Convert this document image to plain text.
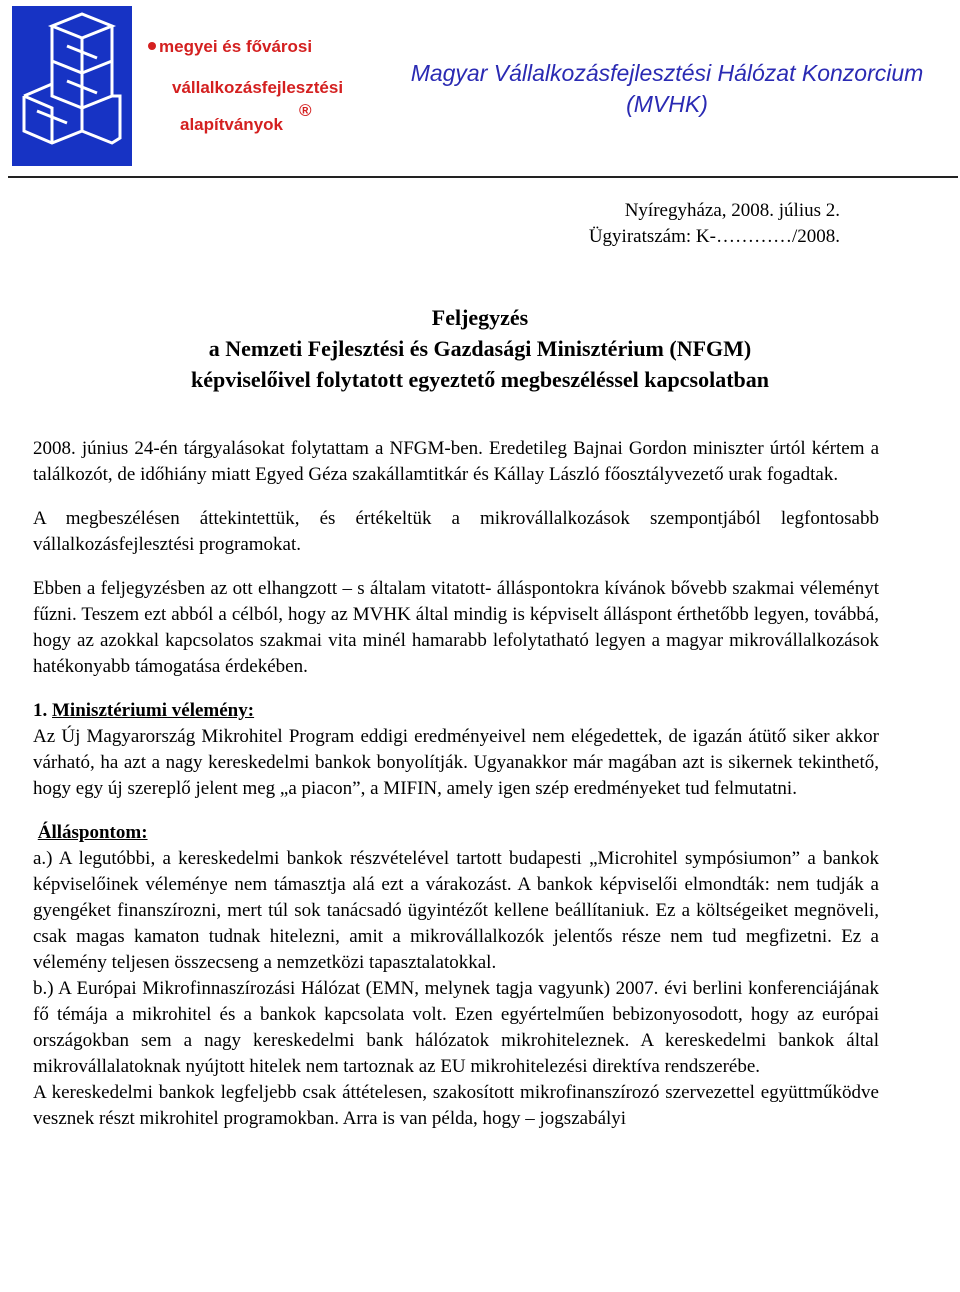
megyei és fővárosi
vállalkozásfejlesztési
alapítványok
®
Magyar Vállalkozásfejlesztési Hálózat Konzorcium
(MVHK)
Nyíregyháza, 2008. július 2.
Ügyiratszám: K-…………/2008.
Feljegyzés
a Nemzeti Fejlesztési és Gazdasági Minisztérium (NFGM)
képviselőivel folytatott egyeztető megbeszéléssel kapcsolatban

2008. június 24-én tárgyalásokat folytattam a NFGM-ben. Eredetileg Bajnai Gordon miniszter úrtól kértem a találkozót, de időhiány miatt Egyed Géza szakállamtitkár és Kállay László főosztályvezető urak fogadtak.

A megbeszélésen áttekintettük, és értékeltük a mikrovállalkozások szempontjából legfontosabb vállalkozásfejlesztési programokat.

Ebben a feljegyzésben az ott elhangzott – s általam vitatott- álláspontokra kívánok bővebb szakmai véleményt fűzni. Teszem ezt abból a célból, hogy az MVHK által mindig is képviselt álláspont érthetőbb legyen, továbbá, hogy az azokkal kapcsolatos szakmai vita minél hamarabb lefolytatható legyen a magyar mikrovállalkozások hatékonyabb támogatása érdekében.

1. Minisztériumi vélemény:

Az Új Magyarország Mikrohitel Program eddigi eredményeivel nem elégedettek, de igazán átütő siker akkor várható, ha azt a nagy kereskedelmi bankok bonyolítják. Ugyanakkor már magában azt is sikernek tekinthető, hogy egy új szereplő jelent meg „a piacon”, a MIFIN, amely igen szép eredményeket tud felmutatni.

Álláspontom:

a.) A legutóbbi, a kereskedelmi bankok részvételével tartott budapesti „Microhitel sympósiumon” a bankok képviselőinek véleménye nem támasztja alá ezt a várakozást. A bankok képviselői elmondták: nem tudják a gyengéket finanszírozni, mert túl sok tanácsadó ügyintézőt kellene beállítaniuk. Ez a költségeiket megnöveli, csak magas kamaton tudnak hitelezni, amit a mikrovállalkozók jelentős része nem tud megfizetni. Ez a vélemény teljesen összecseng a nemzetközi tapasztalatokkal.

b.) A Európai Mikrofinnaszírozási Hálózat (EMN, melynek tagja vagyunk) 2007. évi berlini konferenciájának fő témája a mikrohitel és a bankok kapcsolata volt. Ezen egyértelműen bebizonyosodott, hogy az európai országokban sem a nagy kereskedelmi bank hálózatok mikrohiteleznek. A kereskedelmi bankok által mikrovállalatoknak nyújtott hitelek nem tartoznak az EU mikrohitelezési direktíva rendszerébe.

A kereskedelmi bankok legfeljebb csak áttételesen, szakosított mikrofinanszírozó szervezettel együttműködve vesznek részt mikrohitel programokban. Arra is van példa, hogy – jogszabályi
